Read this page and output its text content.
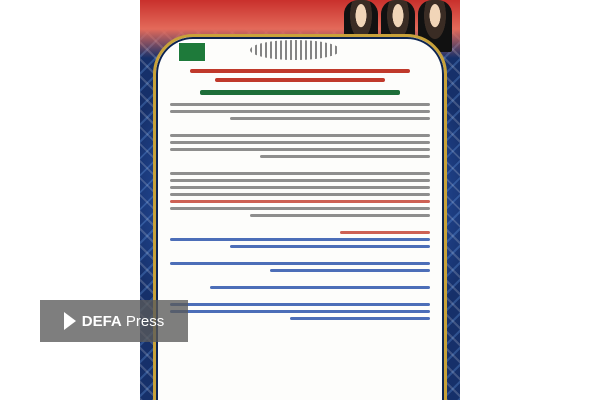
DEFA Press
